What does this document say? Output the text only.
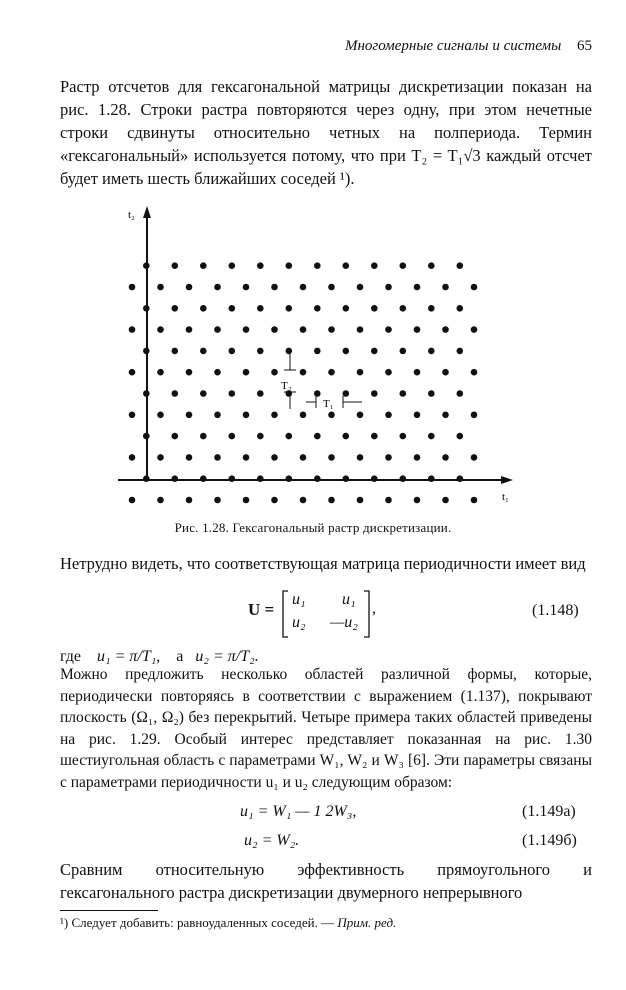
Многомерные сигналы и системы 65
Растр отсчетов для гексагональной матрицы дискретизации показан на рис. 1.28. Строки растра повторяются через одну, при этом нечетные строки сдвинуты относительно четных на полпериода. Термин «гексагональный» используется потому, что при T₂ = T₁√3 каждый отсчет будет иметь шесть ближайших соседей ¹).
t₂
t₁
T₂
T₁
Рис. 1.28. Гексагональный растр дискретизации.
Нетрудно видеть, что соответствующая матрица периодичности имеет вид
U =
u₁ u₁
u₂ —u₂
,	(1.148)
где u₁ = π/T₁, а u₂ = π/T₂.
Можно предложить несколько областей различной формы, которые, периодически повторяясь в соответствии с выражением (1.137), покрывают плоскость (Ω₁, Ω₂) без перекрытий. Четыре примера таких областей приведены на рис. 1.29. Особый интерес представляет показанная на рис. 1.30 шестиугольная область с параметрами W₁, W₂ и W₃ [6]. Эти параметры связаны с параметрами периодичности u₁ и u₂ следующим образом:
u₁ = W₁ — 1 2W₃,	(1.149а)
u₂ = W₂.	(1.149б)
Сравним относительную эффективность прямоугольного и гексагонального растра дискретизации двумерного непрерывного
¹) Следует добавить: равноудаленных соседей. — Прим. ред.
